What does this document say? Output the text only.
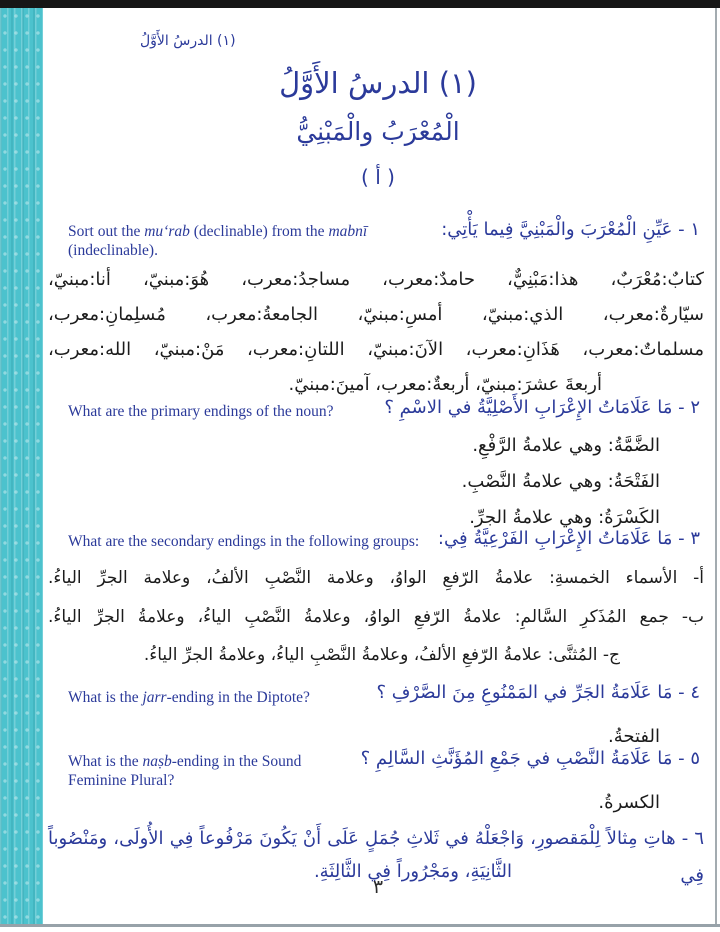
(١) الدرسُ الأَوَّلُ
(١) الدرسُ الأَوَّلُ
الْمُعْرَبُ والْمَبْنِيُّ
( أ )
Sort out the muʻrab (declinable) from the mabnī (indeclinable).
١ - عَيِّنِ الْمُعْرَبَ والْمَبْنِيَّ فِيما يَأْتِي:
كتابٌ:مُعْرَبٌ، هذا:مَبْنِيٌّ، حامدٌ:معرب، مساجدُ:معرب، هُوَ:مبنيّ، أنا:مبنيّ،
سيّارةٌ:معرب، الذي:مبنيّ، أمسِ:مبنيّ، الجامعةُ:معرب، مُسلِمانِ:معرب،
مسلماتٌ:معرب، هَذَانِ:معرب، الآنَ:مبنيّ، اللتانِ:معرب، مَنْ:مبنيّ، الله:معرب،
أربعةَ عشرَ:مبنيّ، أربعةٌ:معرب، آمينَ:مبنيّ.
What are the primary endings of the noun?	٢ - مَا عَلَامَاتُ الإِعْرَابِ الأَصْلِيَّةُ في الاسْمِ ؟
الضَّمَّةُ: وهي علامةُ الرَّفْعِ.
الفَتْحَةُ: وهي علامةُ النَّصْبِ.
الكَسْرَةُ: وهي علامةُ الجرِّ.
What are the secondary endings in the following groups: ٣ - مَا عَلَامَاتُ الإِعْرَابِ الفَرْعِيَّةُ فِي:
أ- الأسماء الخمسةِ: علامةُ الرّفعِ الواوُ، وعلامة النَّصْبِ الألفُ، وعلامة الجرِّ الياءُ.
ب- جمع المُذَكرِ السَّالمِ: علامةُ الرّفعِ الواوُ، وعلامةُ النَّصْبِ الياءُ، وعلامةُ الجرِّ الياءُ.
ج- المُثنَّى: علامةُ الرّفعِ الألفُ، وعلامةُ النَّصْبِ الياءُ، وعلامةُ الجرِّ الياءُ.
What is the jarr-ending in the Diptote?	٤ - مَا عَلَامَةُ الجَرِّ في المَمْنُوعِ مِنَ الصَّرْفِ ؟
الفتحةُ.
What is the naṣb-ending in the Sound Feminine Plural?
٥ - مَا عَلَامَةُ النَّصْبِ في جَمْعِ المُؤَنَّثِ السَّالِمِ ؟
الكسرةُ.
٦ - هاتِ مِثالاً لِلْمَقصورِ، وَاجْعَلْهُ في ثَلاثِ جُمَلٍ عَلَى أَنْ يَكُونَ مَرْفُوعاً فِي الأُولَى، ومَنْصُوباً فِي
الثَّانِيَةِ، ومَجْرُوراً فِي الثَّالِثَةِ.
٣
